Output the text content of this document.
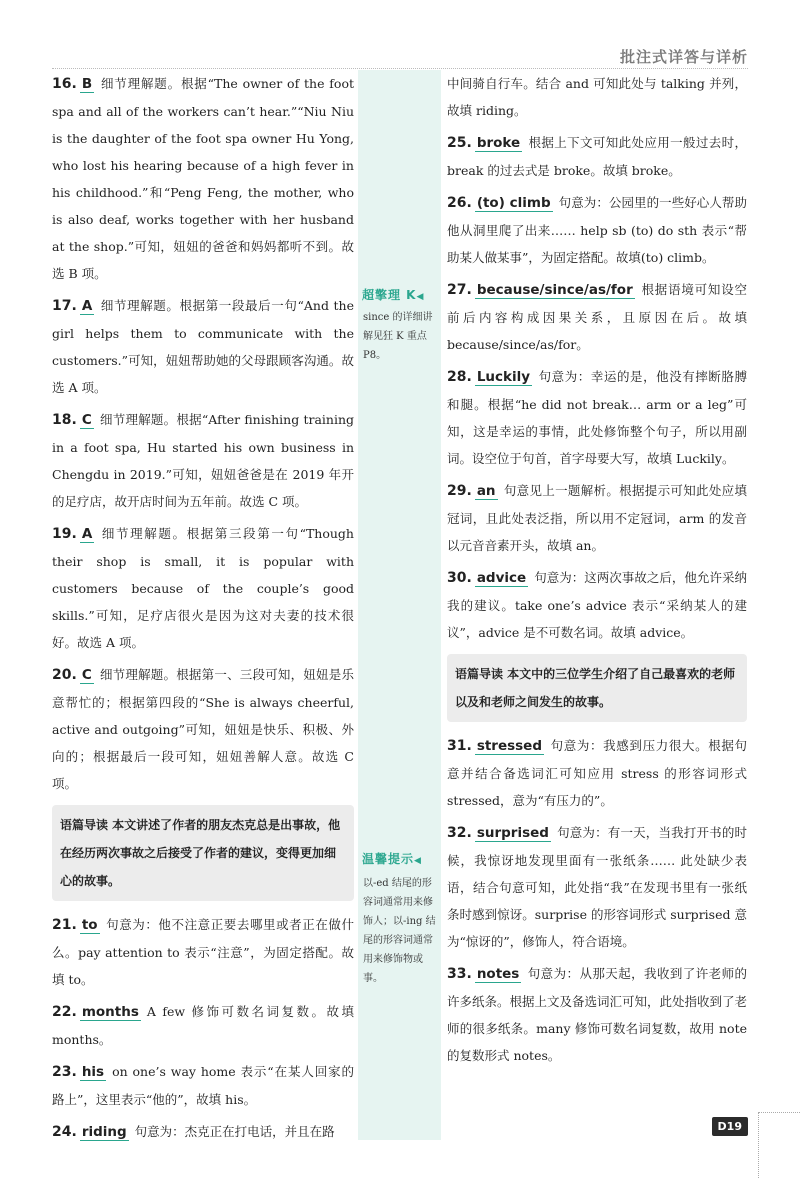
批注式详答与详析
超擎理 K◀
since 的详细讲解见狂 K 重点 P8。
温馨提示◀
以-ed 结尾的形容词通常用来修饰人；以-ing 结尾的形容词通常用来修饰物或事。
16. B 细节理解题。根据“The owner of the foot spa and all of the workers can’t hear.”“Niu Niu is the daughter of the foot spa owner Hu Yong, who lost his hearing because of a high fever in his childhood.”和“Peng Feng, the mother, who is also deaf, works together with her husband at the shop.”可知，妞妞的爸爸和妈妈都听不到。故选 B 项。
17. A 细节理解题。根据第一段最后一句“And the girl helps them to communicate with the customers.”可知，妞妞帮助她的父母跟顾客沟通。故选 A 项。
18. C 细节理解题。根据“After finishing training in a foot spa, Hu started his own business in Chengdu in 2019.”可知，妞妞爸爸是在 2019 年开的足疗店，故开店时间为五年前。故选 C 项。
19. A 细节理解题。根据第三段第一句“Though their shop is small, it is popular with customers because of the couple’s good skills.”可知，足疗店很火是因为这对夫妻的技术很好。故选 A 项。
20. C 细节理解题。根据第一、三段可知，妞妞是乐意帮忙的；根据第四段的“She is always cheerful, active and outgoing”可知，妞妞是快乐、积极、外向的；根据最后一段可知，妞妞善解人意。故选 C 项。
语篇导读 本文讲述了作者的朋友杰克总是出事故，他在经历两次事故之后接受了作者的建议，变得更加细心的故事。
21. to 句意为：他不注意正要去哪里或者正在做什么。pay attention to 表示“注意”，为固定搭配。故填 to。
22. months A few 修饰可数名词复数。故填 months。
23. his on one’s way home 表示“在某人回家的路上”，这里表示“他的”，故填 his。
24. riding 句意为：杰克正在打电话，并且在路
中间骑自行车。结合 and 可知此处与 talking 并列，故填 riding。
25. broke 根据上下文可知此处应用一般过去时，break 的过去式是 broke。故填 broke。
26. (to) climb 句意为：公园里的一些好心人帮助他从洞里爬了出来…… help sb (to) do sth 表示“帮助某人做某事”，为固定搭配。故填(to) climb。
27. because/since/as/for 根据语境可知设空前后内容构成因果关系，且原因在后。故填 because/since/as/for。
28. Luckily 句意为：幸运的是，他没有摔断胳膊和腿。根据“he did not break… arm or a leg”可知，这是幸运的事情，此处修饰整个句子，所以用副词。设空位于句首，首字母要大写，故填 Luckily。
29. an 句意见上一题解析。根据提示可知此处应填冠词，且此处表泛指，所以用不定冠词，arm 的发音以元音音素开头，故填 an。
30. advice 句意为：这两次事故之后，他允许采纳我的建议。take one’s advice 表示“采纳某人的建议”，advice 是不可数名词。故填 advice。
语篇导读 本文中的三位学生介绍了自己最喜欢的老师以及和老师之间发生的故事。
31. stressed 句意为：我感到压力很大。根据句意并结合备选词汇可知应用 stress 的形容词形式 stressed，意为“有压力的”。
32. surprised 句意为：有一天，当我打开书的时候，我惊讶地发现里面有一张纸条…… 此处缺少表语，结合句意可知，此处指“我”在发现书里有一张纸条时感到惊讶。surprise 的形容词形式 surprised 意为“惊讶的”，修饰人，符合语境。
33. notes 句意为：从那天起，我收到了许老师的许多纸条。根据上文及备选词汇可知，此处指收到了老师的很多纸条。many 修饰可数名词复数，故用 note 的复数形式 notes。
D19
